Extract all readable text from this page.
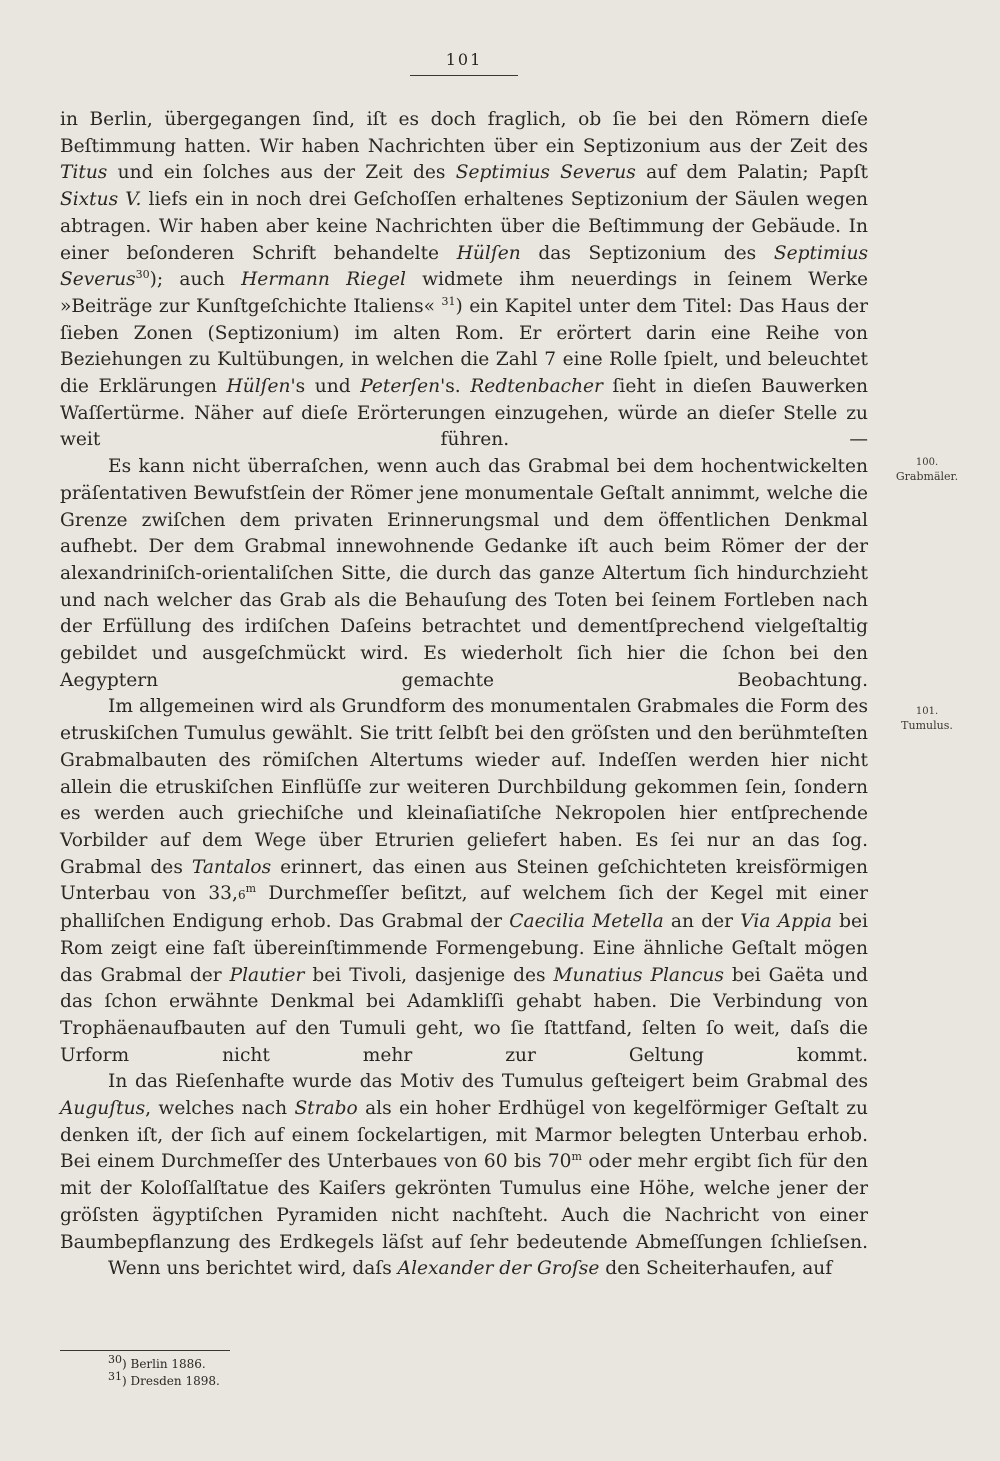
101
100.
Grabmäler.
101.
Tumulus.

in Berlin, übergegangen ſind, iſt es doch fraglich, ob ſie bei den Römern dieſe Beſtimmung hatten. Wir haben Nachrichten über ein Septizonium aus der Zeit des Titus und ein ſolches aus der Zeit des Septimius Severus auf dem Palatin; Papſt Sixtus V. liefs ein in noch drei Geſchoſſen erhaltenes Septizonium der Säulen wegen abtragen. Wir haben aber keine Nachrichten über die Beſtimmung der Gebäude. In einer beſonderen Schrift behandelte Hülſen das Septizonium des Septimius Severus$^{30}$); auch Hermann Riegel widmete ihm neuerdings in ſeinem Werke »Beiträge zur Kunſtgeſchichte Italiens« $^{31}$) ein Kapitel unter dem Titel: Das Haus der ſieben Zonen (Septizonium) im alten Rom. Er erörtert darin eine Reihe von Beziehungen zu Kultübungen, in welchen die Zahl 7 eine Rolle ſpielt, und beleuchtet die Erklärungen Hülſen's und Peterſen's. Redtenbacher ſieht in dieſen Bauwerken Waſſertürme. Näher auf dieſe Erörterungen einzugehen, würde an dieſer Stelle zu weit führen. —

Es kann nicht überraſchen, wenn auch das Grabmal bei dem hochentwickelten präſentativen Bewufstſein der Römer jene monumentale Geſtalt annimmt, welche die Grenze zwiſchen dem privaten Erinnerungsmal und dem öffentlichen Denkmal aufhebt. Der dem Grabmal innewohnende Gedanke iſt auch beim Römer der der alexandriniſch-orientaliſchen Sitte, die durch das ganze Altertum ſich hindurchzieht und nach welcher das Grab als die Behauſung des Toten bei ſeinem Fortleben nach der Erfüllung des irdiſchen Daſeins betrachtet und dementſprechend vielgeſtaltig gebildet und ausgeſchmückt wird. Es wiederholt ſich hier die ſchon bei den Aegyptern gemachte Beobachtung.

Im allgemeinen wird als Grundform des monumentalen Grabmales die Form des etruskiſchen Tumulus gewählt. Sie tritt ſelbſt bei den gröſsten und den berühmteſten Grabmalbauten des römiſchen Altertums wieder auf. Indeſſen werden hier nicht allein die etruskiſchen Einflüſſe zur weiteren Durchbildung gekommen ſein, ſondern es werden auch griechiſche und kleinaſiatiſche Nekropolen hier entſprechende Vorbilder auf dem Wege über Etrurien geliefert haben. Es ſei nur an das ſog. Grabmal des Tantalos erinnert, das einen aus Steinen geſchichteten kreisförmigen Unterbau von 33,6$^m$ Durchmeſſer beſitzt, auf welchem ſich der Kegel mit einer phalliſchen Endigung erhob. Das Grabmal der Caecilia Metella an der Via Appia bei Rom zeigt eine faſt übereinſtimmende Formengebung. Eine ähnliche Geſtalt mögen das Grabmal der Plautier bei Tivoli, dasjenige des Munatius Plancus bei Gaëta und das ſchon erwähnte Denkmal bei Adamkliſſi gehabt haben. Die Verbindung von Trophäenaufbauten auf den Tumuli geht, wo ſie ſtattfand, ſelten ſo weit, daſs die Urform nicht mehr zur Geltung kommt.

In das Rieſenhafte wurde das Motiv des Tumulus geſteigert beim Grabmal des Auguſtus, welches nach Strabo als ein hoher Erdhügel von kegelförmiger Geſtalt zu denken iſt, der ſich auf einem ſockelartigen, mit Marmor belegten Unterbau erhob. Bei einem Durchmeſſer des Unterbaues von 60 bis 70$^m$ oder mehr ergibt ſich für den mit der Koloſſalſtatue des Kaiſers gekrönten Tumulus eine Höhe, welche jener der gröſsten ägyptiſchen Pyramiden nicht nachſteht. Auch die Nachricht von einer Baumbepflanzung des Erdkegels läſst auf ſehr bedeutende Abmeſſungen ſchlieſsen.

Wenn uns berichtet wird, daſs Alexander der Groſse den Scheiterhaufen, auf

$^{30}$) Berlin 1886.
$^{31}$) Dresden 1898.
